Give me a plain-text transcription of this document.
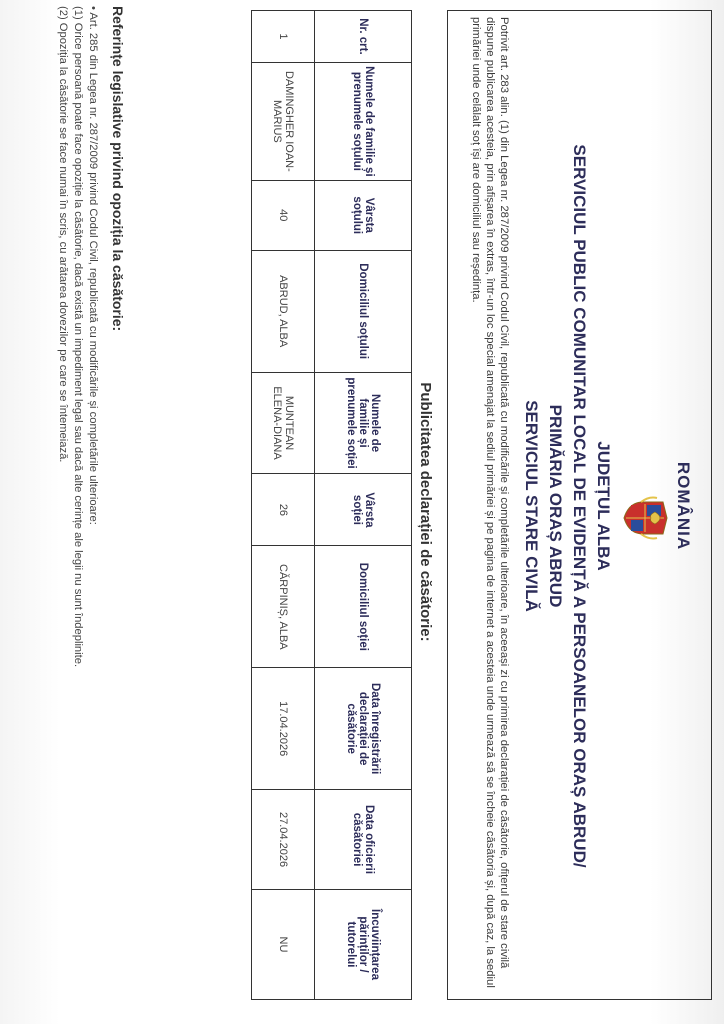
ROMÂNIA
JUDEȚUL ALBA
SERVICIUL PUBLIC COMUNITAR LOCAL DE EVIDENȚĂ A PERSOANELOR ORAȘ ABRUD/
PRIMĂRIA ORAȘ ABRUD
SERVICIUL STARE CIVILĂ
Potrivit art. 283 alin. (1) din Legea nr. 287/2009 privind Codul Civil, republicată cu modificările și completările ulterioare, în aceeași zi cu primirea declarației de căsătorie, ofițerul de stare civilă dispune publicarea acesteia, prin afișarea în extras, într-un loc special amenajat la sediul primăriei și pe pagina de internet a acesteia unde urmează să se încheie căsătoria și, după caz, la sediul primăriei unde celălalt soț își are domiciliul sau reședința.
Publicitatea declarației de căsătorie:
Nr. crt.	Numele de familie și prenumele soțului	Vârsta soțului	Domiciliul soțului	Numele de familie și prenumele soției	Vârsta soției	Domiciliul soției	Data înregistrării declarației de căsătorie	Data oficierii căsătoriei	Încuviințarea părinților / tutorelui
1	DAMINGHER IOAN-MARIUS	40	ABRUD, ALBA	MUNTEAN ELENA-DIANA	26	CĂRPINIȘ, ALBA	17.04.2026	27.04.2026	NU
Referințe legislative privind opoziția la căsătorie:

• Art. 285 din Legea nr. 287/2009 privind Codul Civil, republicată cu modificările și completările ulterioare:

(1) Orice persoană poate face opoziție la căsătorie, dacă există un impediment legal sau dacă alte cerințe ale legii nu sunt îndeplinite.

(2) Opoziția la căsătorie se face numai în scris, cu arătarea dovezilor pe care se întemeiază.
